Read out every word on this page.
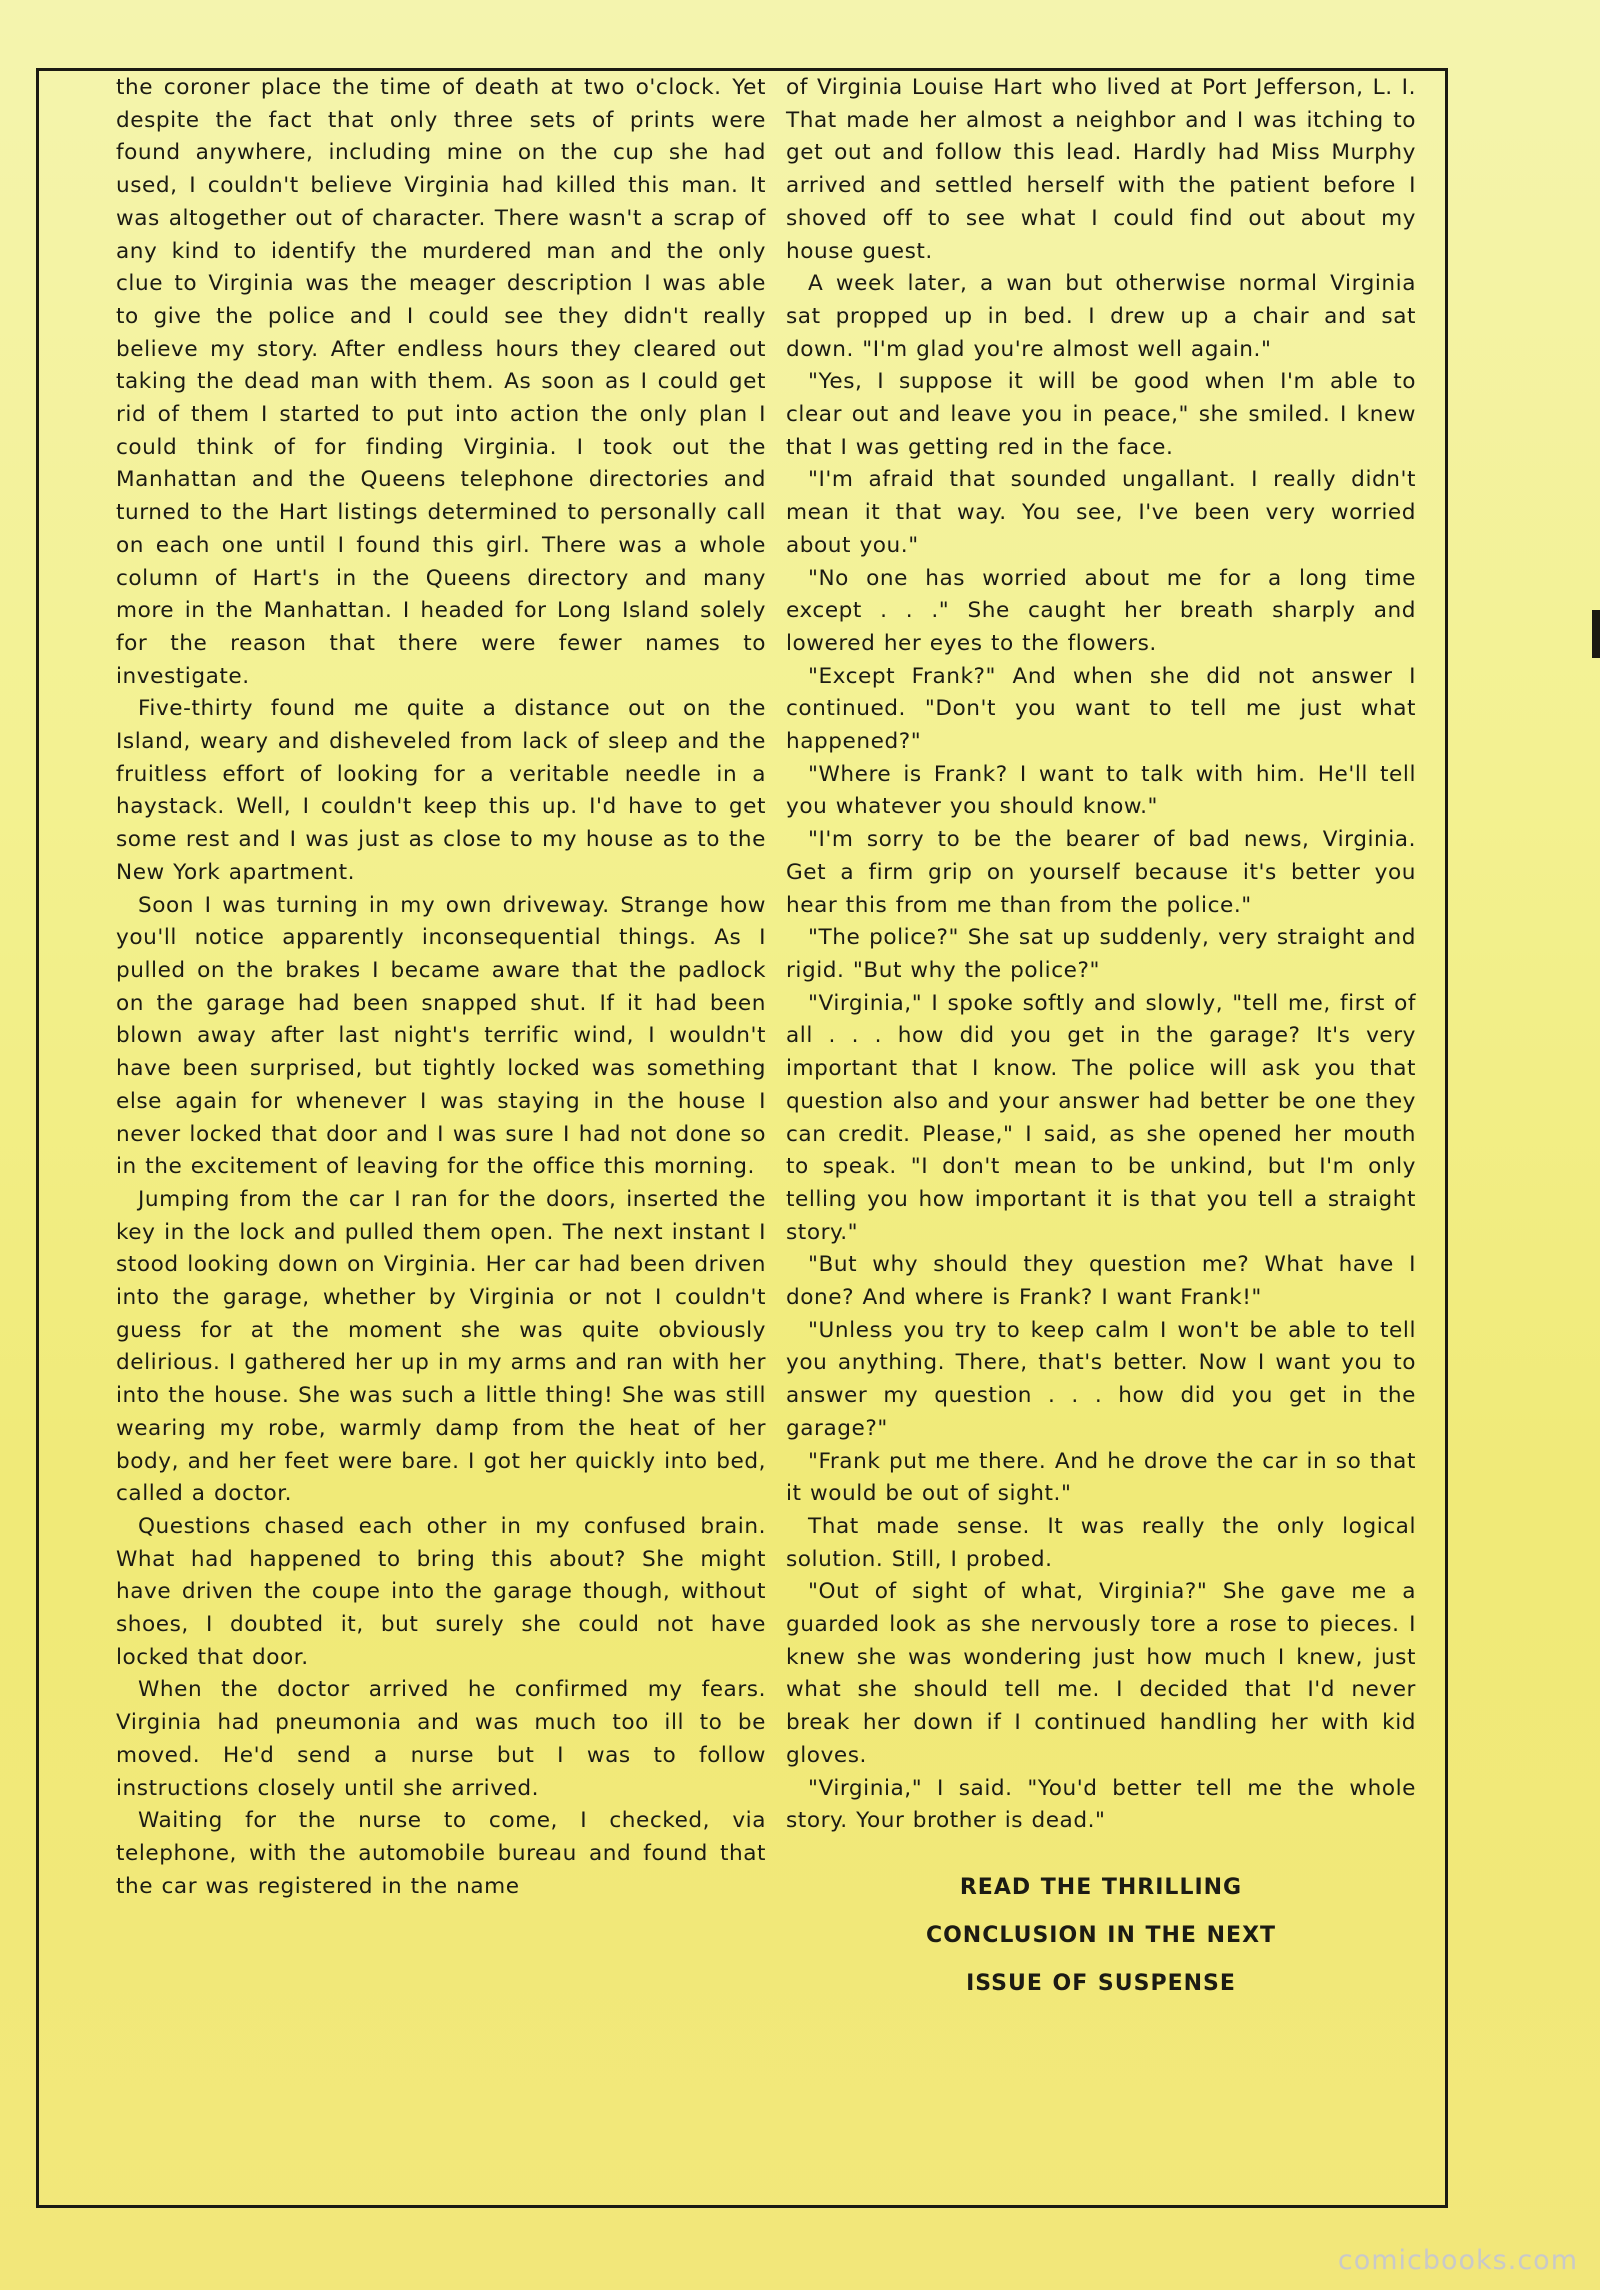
the coroner place the time of death at two o'clock. Yet despite the fact that only three sets of prints were found anywhere, including mine on the cup she had used, I couldn't believe Virginia had killed this man. It was altogether out of character. There wasn't a scrap of any kind to identify the murdered man and the only clue to Virginia was the meager description I was able to give the police and I could see they didn't really believe my story. After endless hours they cleared out taking the dead man with them. As soon as I could get rid of them I started to put into action the only plan I could think of for finding Virginia. I took out the Manhattan and the Queens telephone directories and turned to the Hart listings determined to personally call on each one until I found this girl. There was a whole column of Hart's in the Queens directory and many more in the Manhattan. I headed for Long Island solely for the reason that there were fewer names to investigate.

Five-thirty found me quite a distance out on the Island, weary and disheveled from lack of sleep and the fruitless effort of looking for a veritable needle in a haystack. Well, I couldn't keep this up. I'd have to get some rest and I was just as close to my house as to the New York apartment.

Soon I was turning in my own driveway. Strange how you'll notice apparently inconsequential things. As I pulled on the brakes I became aware that the padlock on the garage had been snapped shut. If it had been blown away after last night's terrific wind, I wouldn't have been surprised, but tightly locked was something else again for whenever I was staying in the house I never locked that door and I was sure I had not done so in the excitement of leaving for the office this morning.

Jumping from the car I ran for the doors, inserted the key in the lock and pulled them open. The next instant I stood looking down on Virginia. Her car had been driven into the garage, whether by Virginia or not I couldn't guess for at the moment she was quite obviously delirious. I gathered her up in my arms and ran with her into the house. She was such a little thing! She was still wearing my robe, warmly damp from the heat of her body, and her feet were bare. I got her quickly into bed, called a doctor.

Questions chased each other in my confused brain. What had happened to bring this about? She might have driven the coupe into the garage though, without shoes, I doubted it, but surely she could not have locked that door.

When the doctor arrived he confirmed my fears. Virginia had pneumonia and was much too ill to be moved. He'd send a nurse but I was to follow instructions closely until she arrived.

Waiting for the nurse to come, I checked, via telephone, with the automobile bureau and found that the car was registered in the name

of Virginia Louise Hart who lived at Port Jefferson, L. I. That made her almost a neighbor and I was itching to get out and follow this lead. Hardly had Miss Murphy arrived and settled herself with the patient before I shoved off to see what I could find out about my house guest.

A week later, a wan but otherwise normal Virginia sat propped up in bed. I drew up a chair and sat down. "I'm glad you're almost well again."

"Yes, I suppose it will be good when I'm able to clear out and leave you in peace," she smiled. I knew that I was getting red in the face.

"I'm afraid that sounded ungallant. I really didn't mean it that way. You see, I've been very worried about you."

"No one has worried about me for a long time except . . ." She caught her breath sharply and lowered her eyes to the flowers.

"Except Frank?" And when she did not answer I continued. "Don't you want to tell me just what happened?"

"Where is Frank? I want to talk with him. He'll tell you whatever you should know."

"I'm sorry to be the bearer of bad news, Virginia. Get a firm grip on yourself because it's better you hear this from me than from the police."

"The police?" She sat up suddenly, very straight and rigid. "But why the police?"

"Virginia," I spoke softly and slowly, "tell me, first of all . . . how did you get in the garage? It's very important that I know. The police will ask you that question also and your answer had better be one they can credit. Please," I said, as she opened her mouth to speak. "I don't mean to be unkind, but I'm only telling you how important it is that you tell a straight story."

"But why should they question me? What have I done? And where is Frank? I want Frank!"

"Unless you try to keep calm I won't be able to tell you anything. There, that's better. Now I want you to answer my question . . . how did you get in the garage?"

"Frank put me there. And he drove the car in so that it would be out of sight."

That made sense. It was really the only logical solution. Still, I probed.

"Out of sight of what, Virginia?" She gave me a guarded look as she nervously tore a rose to pieces. I knew she was wondering just how much I knew, just what she should tell me. I decided that I'd never break her down if I continued handling her with kid gloves.

"Virginia," I said. "You'd better tell me the whole story. Your brother is dead."

READ THE THRILLING
CONCLUSION IN THE NEXT
ISSUE OF SUSPENSE
comicbooks.com
